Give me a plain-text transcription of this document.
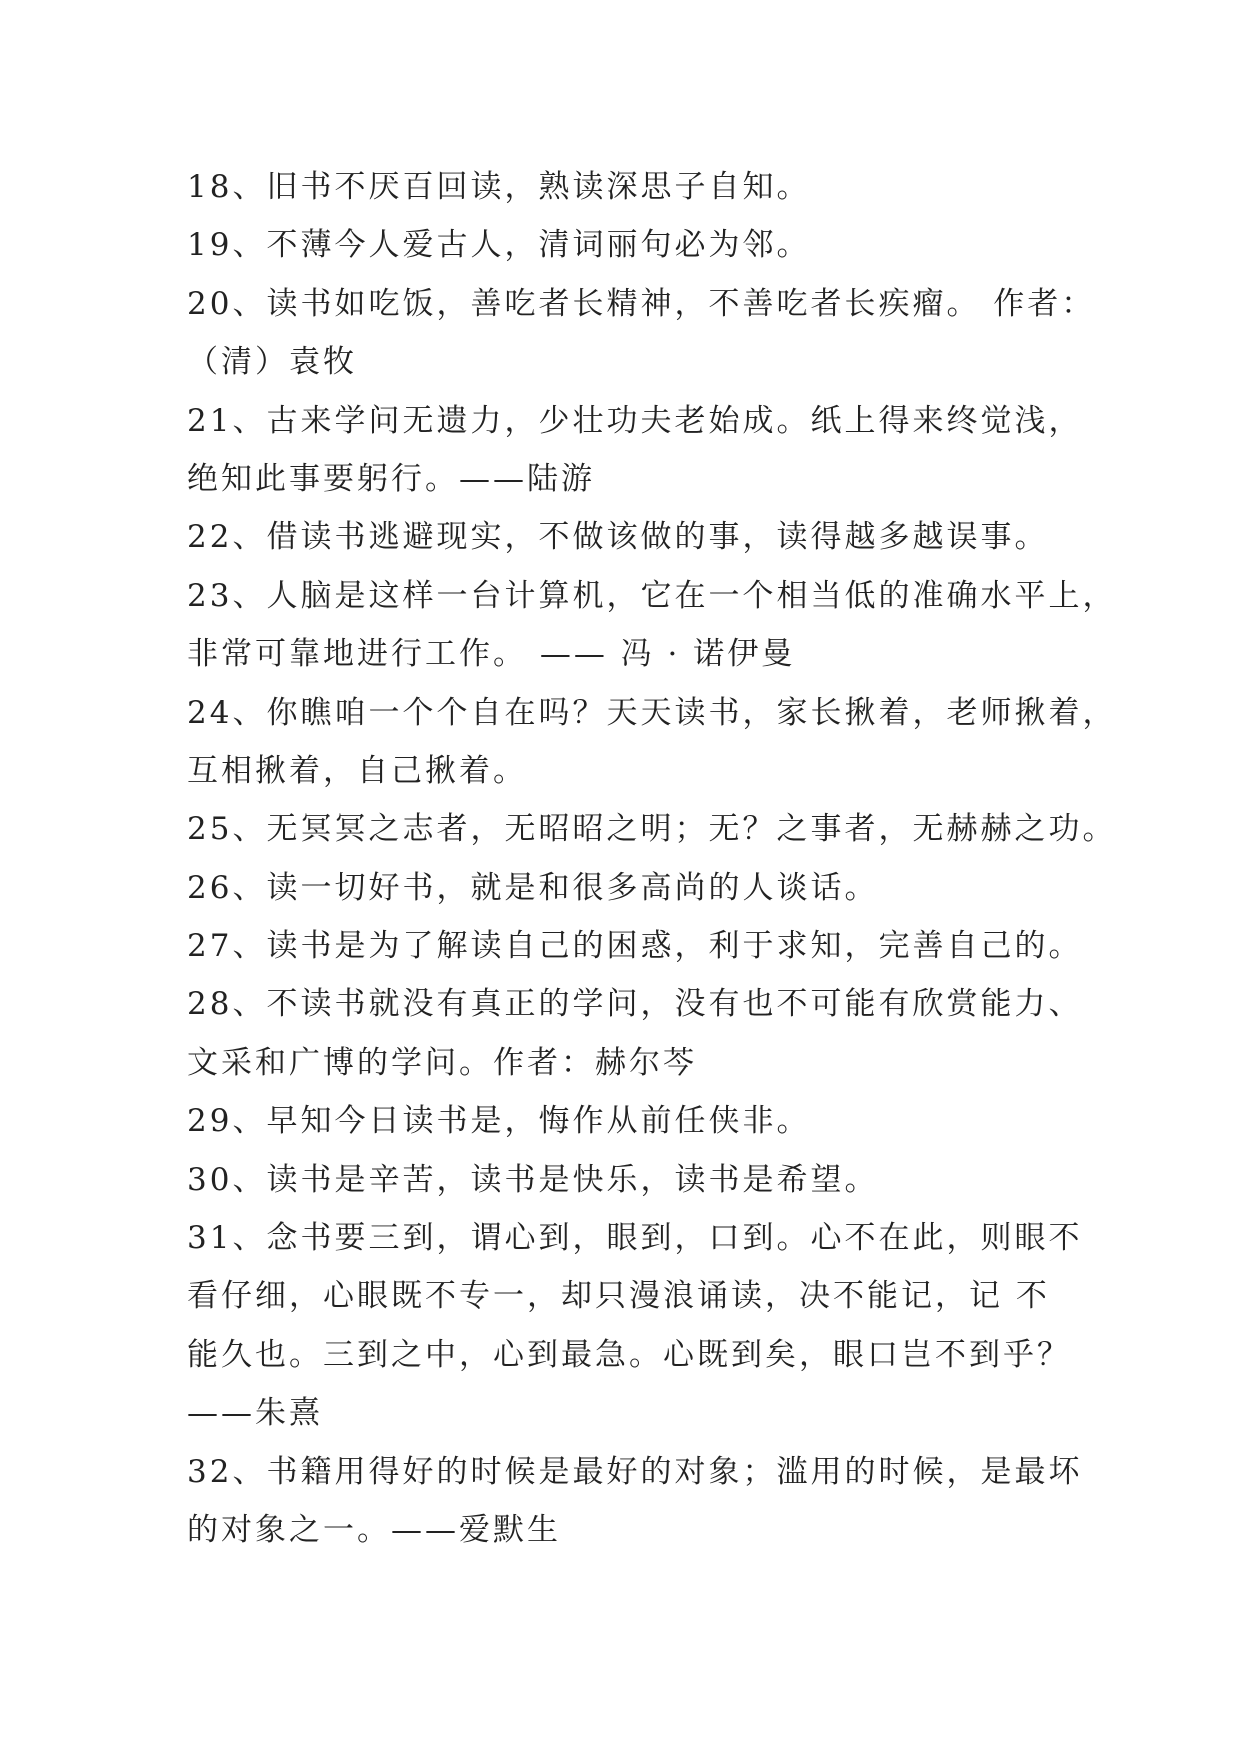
18、旧书不厌百回读，熟读深思子自知。
19、不薄今人爱古人，清词丽句必为邻。
20、读书如吃饭，善吃者长精神，不善吃者长疾瘤。 作者：
（清）袁牧
21、古来学问无遗力，少壮功夫老始成。纸上得来终觉浅，
绝知此事要躬行。——陆游
22、借读书逃避现实，不做该做的事，读得越多越误事。
23、人脑是这样一台计算机，它在一个相当低的准确水平上，
非常可靠地进行工作。 —— 冯 · 诺伊曼
24、你瞧咱一个个自在吗？天天读书，家长揪着，老师揪着，
互相揪着，自己揪着。
25、无冥冥之志者，无昭昭之明；无？之事者，无赫赫之功。
26、读一切好书，就是和很多高尚的人谈话。
27、读书是为了解读自己的困惑，利于求知，完善自己的。
28、不读书就没有真正的学问，没有也不可能有欣赏能力、
文采和广博的学问。作者：赫尔芩
29、早知今日读书是，悔作从前任侠非。
30、读书是辛苦，读书是快乐，读书是希望。
31、念书要三到，谓心到，眼到，口到。心不在此，则眼不
看仔细，心眼既不专一，却只漫浪诵读，决不能记，记 不
能久也。三到之中，心到最急。心既到矣，眼口岂不到乎？
——朱熹
32、书籍用得好的时候是最好的对象；滥用的时候，是最坏
的对象之一。——爱默生
